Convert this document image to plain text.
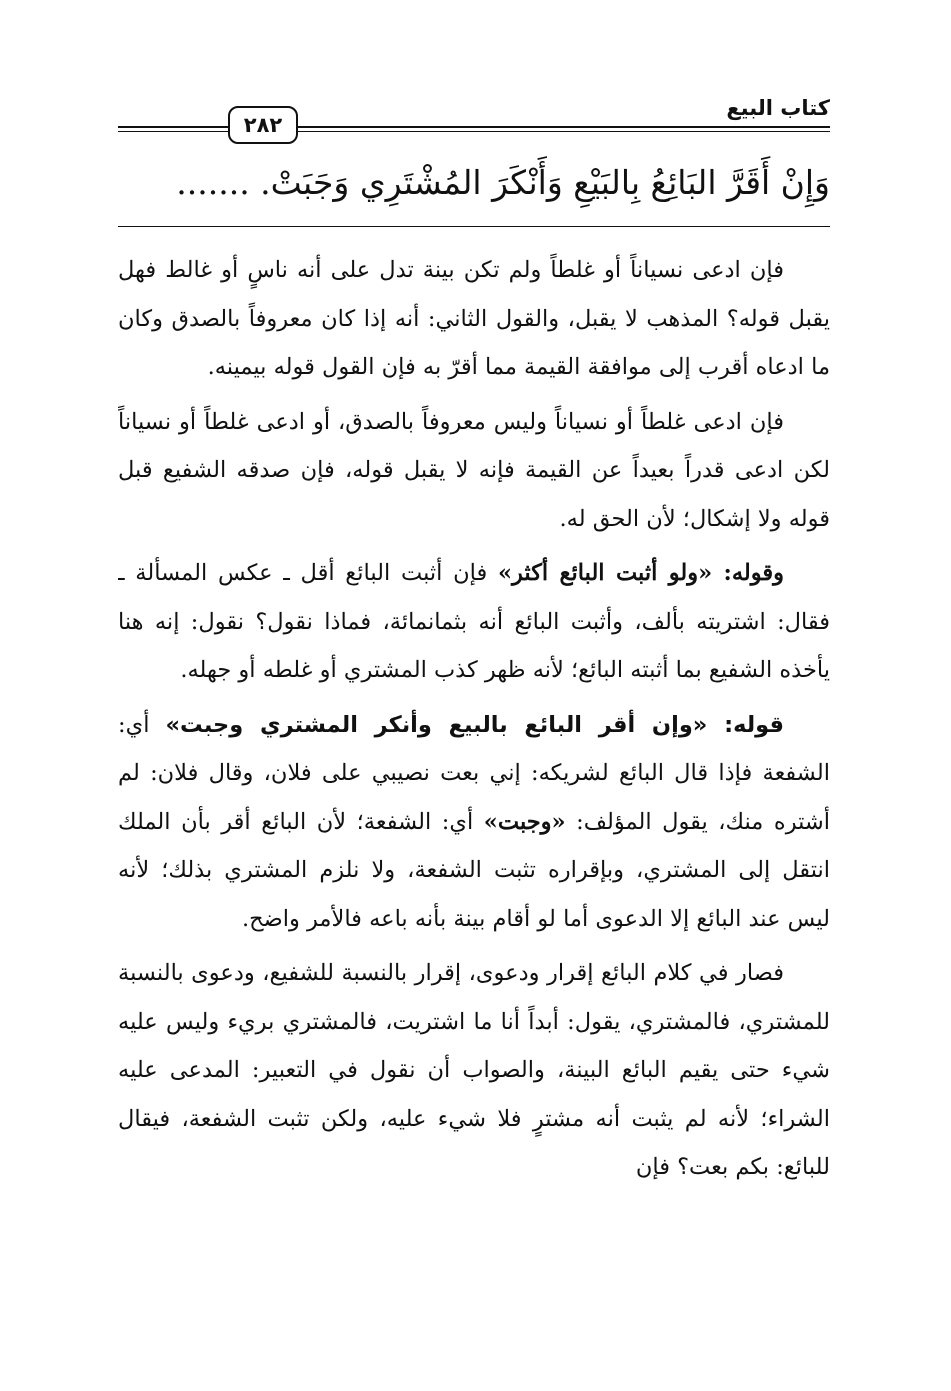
٢٨٢
كتاب البيع
وَإِنْ أَقَرَّ البَائِعُ بِالبَيْعِ وَأَنْكَرَ المُشْتَرِي وَجَبَتْ. .......

فإن ادعى نسياناً أو غلطاً ولم تكن بينة تدل على أنه ناسٍ أو غالط فهل يقبل قوله؟ المذهب لا يقبل، والقول الثاني: أنه إذا كان معروفاً بالصدق وكان ما ادعاه أقرب إلى موافقة القيمة مما أقرّ به فإن القول قوله بيمينه.

فإن ادعى غلطاً أو نسياناً وليس معروفاً بالصدق، أو ادعى غلطاً أو نسياناً لكن ادعى قدراً بعيداً عن القيمة فإنه لا يقبل قوله، فإن صدقه الشفيع قبل قوله ولا إشكال؛ لأن الحق له.

وقوله: «ولو أثبت البائع أكثر» فإن أثبت البائع أقل ـ عكس المسألة ـ فقال: اشتريته بألف، وأثبت البائع أنه بثمانمائة، فماذا نقول؟ نقول: إنه هنا يأخذه الشفيع بما أثبته البائع؛ لأنه ظهر كذب المشتري أو غلطه أو جهله.

قوله: «وإن أقر البائع بالبيع وأنكر المشتري وجبت» أي: الشفعة فإذا قال البائع لشريكه: إني بعت نصيبي على فلان، وقال فلان: لم أشتره منك، يقول المؤلف: «وجبت» أي: الشفعة؛ لأن البائع أقر بأن الملك انتقل إلى المشتري، وبإقراره تثبت الشفعة، ولا نلزم المشتري بذلك؛ لأنه ليس عند البائع إلا الدعوى أما لو أقام بينة بأنه باعه فالأمر واضح.

فصار في كلام البائع إقرار ودعوى، إقرار بالنسبة للشفيع، ودعوى بالنسبة للمشتري، فالمشتري، يقول: أبداً أنا ما اشتريت، فالمشتري بريء وليس عليه شيء حتى يقيم البائع البينة، والصواب أن نقول في التعبير: المدعى عليه الشراء؛ لأنه لم يثبت أنه مشترٍ فلا شيء عليه، ولكن تثبت الشفعة، فيقال للبائع: بكم بعت؟ فإن
